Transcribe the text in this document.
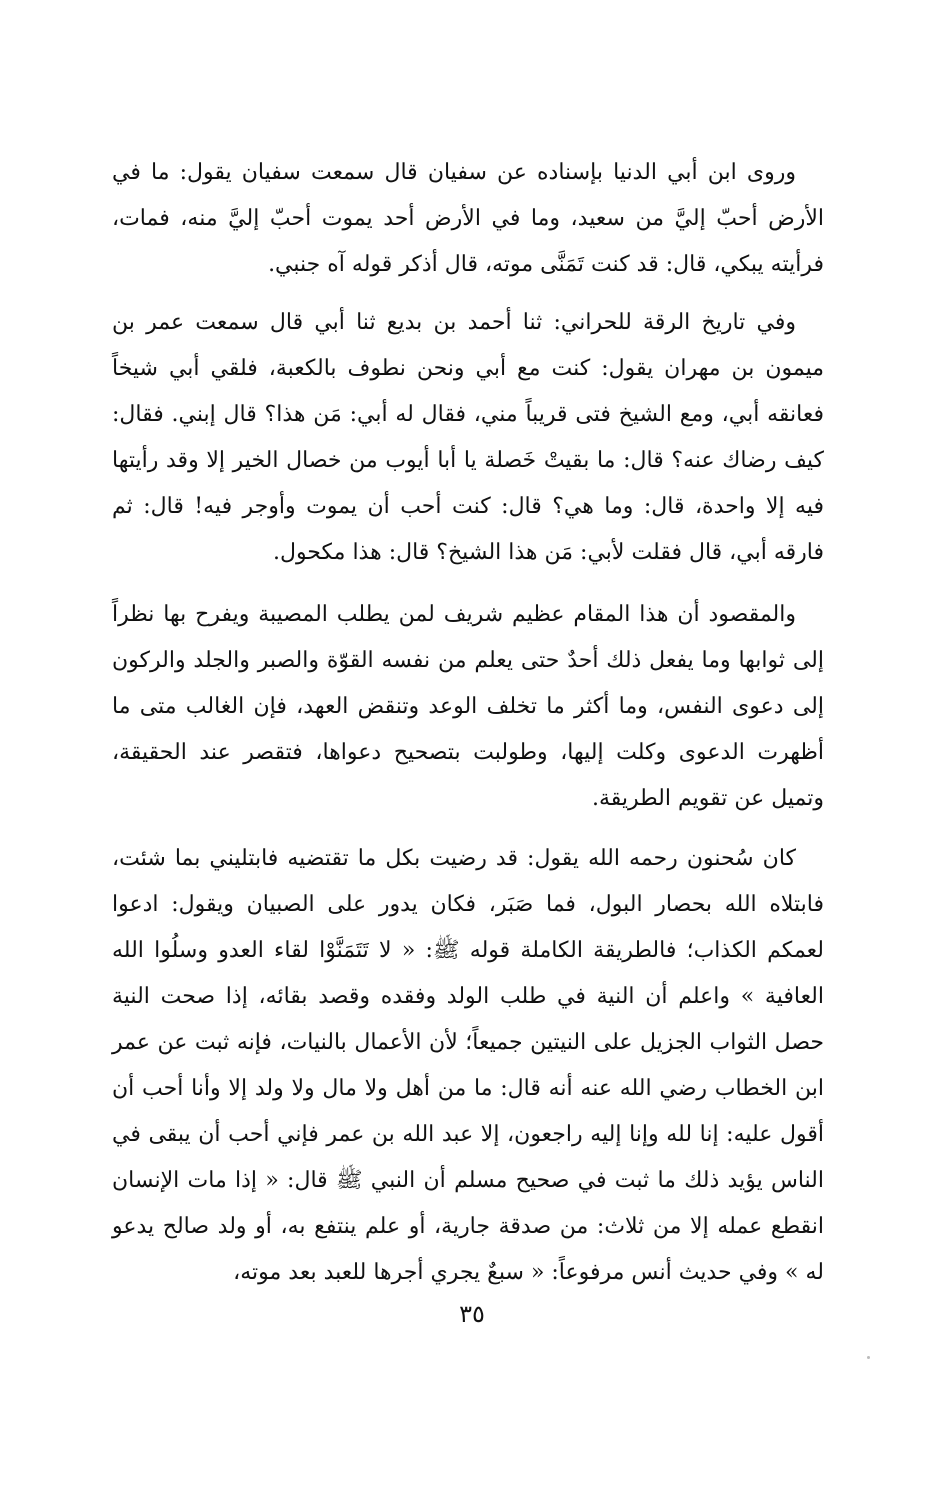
وروى ابن أبي الدنيا بإسناده عن سفيان قال سمعت سفيان يقول: ما في الأرض أحبّ إليَّ من سعيد، وما في الأرض أحد يموت أحبّ إليَّ منه، فمات، فرأيته يبكي، قال: قد كنت تَمَنَّى موته، قال أذكر قوله آه جنبي.

وفي تاريخ الرقة للحراني: ثنا أحمد بن بديع ثنا أبي قال سمعت عمر بن ميمون بن مهران يقول: كنت مع أبي ونحن نطوف بالكعبة، فلقي أبي شيخاً فعانقه أبي، ومع الشيخ فتى قريباً مني، فقال له أبي: مَن هذا؟ قال إبني. فقال: كيف رضاك عنه؟ قال: ما بقيتْ خَصلة يا أبا أيوب من خصال الخير إلا وقد رأيتها فيه إلا واحدة، قال: وما هي؟ قال: كنت أحب أن يموت وأوجر فيه! قال: ثم فارقه أبي، قال فقلت لأبي: مَن هذا الشيخ؟ قال: هذا مكحول.

والمقصود أن هذا المقام عظيم شريف لمن يطلب المصيبة ويفرح بها نظراً إلى ثوابها وما يفعل ذلك أحدٌ حتى يعلم من نفسه القوّة والصبر والجلد والركون إلى دعوى النفس، وما أكثر ما تخلف الوعد وتنقض العهد، فإن الغالب متى ما أظهرت الدعوى وكلت إليها، وطولبت بتصحيح دعواها، فتقصر عند الحقيقة، وتميل عن تقويم الطريقة.

كان سُحنون رحمه الله يقول: قد رضيت بكل ما تقتضيه فابتليني بما شئت، فابتلاه الله بحصار البول، فما صَبَر، فكان يدور على الصبيان ويقول: ادعوا لعمكم الكذاب؛ فالطريقة الكاملة قوله ﷺ: « لا تَتَمَنَّوْا لقاء العدو وسلُوا الله العافية » واعلم أن النية في طلب الولد وفقده وقصد بقائه، إذا صحت النية حصل الثواب الجزيل على النيتين جميعاً؛ لأن الأعمال بالنيات، فإنه ثبت عن عمر ابن الخطاب رضي الله عنه أنه قال: ما من أهل ولا مال ولا ولد إلا وأنا أحب أن أقول عليه: إنا لله وإنا إليه راجعون، إلا عبد الله بن عمر فإني أحب أن يبقى في الناس يؤيد ذلك ما ثبت في صحيح مسلم أن النبي ﷺ قال: « إذا مات الإنسان انقطع عمله إلا من ثلاث: من صدقة جارية، أو علم ينتفع به، أو ولد صالح يدعو له » وفي حديث أنس مرفوعاً: « سبعٌ يجري أجرها للعبد بعد موته،

٣٥
